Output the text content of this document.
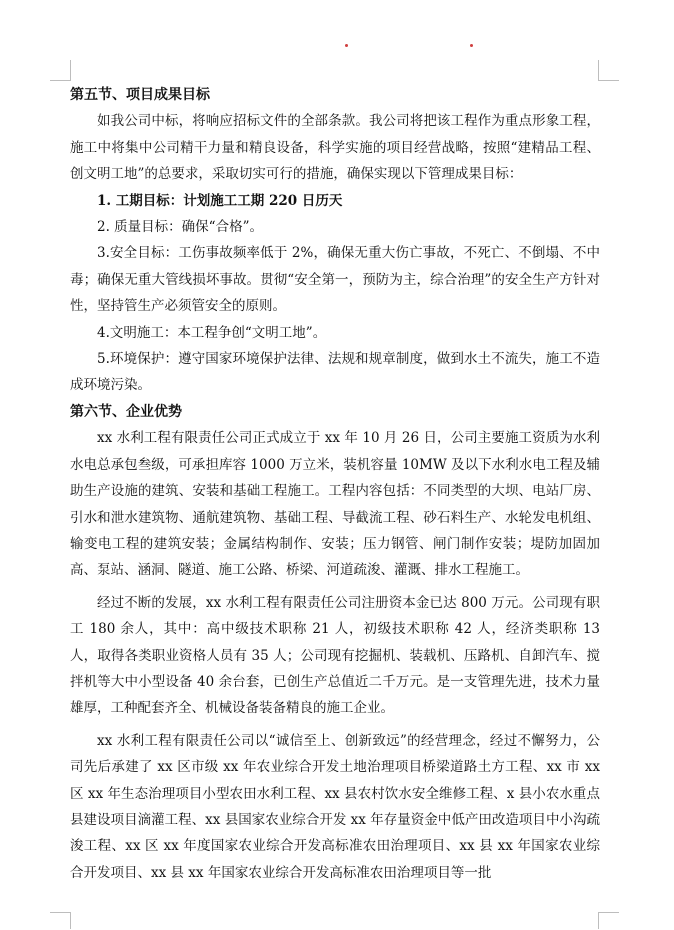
第五节、项目成果目标

如我公司中标，将响应招标文件的全部条款。我公司将把该工程作为重点形象工程，施工中将集中公司精干力量和精良设备，科学实施的项目经营战略，按照“建精品工程、创文明工地”的总要求，采取切实可行的措施，确保实现以下管理成果目标：

1. 工期目标：计划施工工期 220 日历天

2. 质量目标：确保“合格”。

3.安全目标：工伤事故频率低于 2%，确保无重大伤亡事故，不死亡、不倒塌、不中毒；确保无重大管线损坏事故。贯彻“安全第一，预防为主，综合治理”的安全生产方针对性，坚持管生产必须管安全的原则。

4.文明施工：本工程争创“文明工地”。

5.环境保护：遵守国家环境保护法律、法规和规章制度，做到水土不流失，施工不造成环境污染。

第六节、企业优势

xx 水利工程有限责任公司正式成立于 xx 年 10 月 26 日，公司主要施工资质为水利水电总承包叁级，可承担库容 1000 万立米，装机容量 10MW 及以下水利水电工程及辅助生产设施的建筑、安装和基础工程施工。工程内容包括：不同类型的大坝、电站厂房、引水和泄水建筑物、通航建筑物、基础工程、导截流工程、砂石料生产、水轮发电机组、输变电工程的建筑安装；金属结构制作、安装；压力钢管、闸门制作安装；堤防加固加高、泵站、涵洞、隧道、施工公路、桥梁、河道疏浚、灌溉、排水工程施工。

经过不断的发展，xx 水利工程有限责任公司注册资本金已达 800 万元。公司现有职工 180 余人，其中：高中级技术职称 21 人，初级技术职称 42 人，经济类职称 13 人，取得各类职业资格人员有 35 人；公司现有挖掘机、装载机、压路机、自卸汽车、搅拌机等大中小型设备 40 余台套，已创生产总值近二千万元。是一支管理先进，技术力量雄厚，工种配套齐全、机械设备装备精良的施工企业。

xx 水利工程有限责任公司以“诚信至上、创新致远”的经营理念，经过不懈努力，公司先后承建了 xx 区市级 xx 年农业综合开发土地治理项目桥梁道路土方工程、xx 市 xx 区 xx 年生态治理项目小型农田水利工程、xx 县农村饮水安全维修工程、x 县小农水重点县建设项目滴灌工程、xx 县国家农业综合开发 xx 年存量资金中低产田改造项目中小沟疏浚工程、xx 区 xx 年度国家农业综合开发高标准农田治理项目、xx 县 xx 年国家农业综合开发项目、xx 县 xx 年国家农业综合开发高标准农田治理项目等一批
